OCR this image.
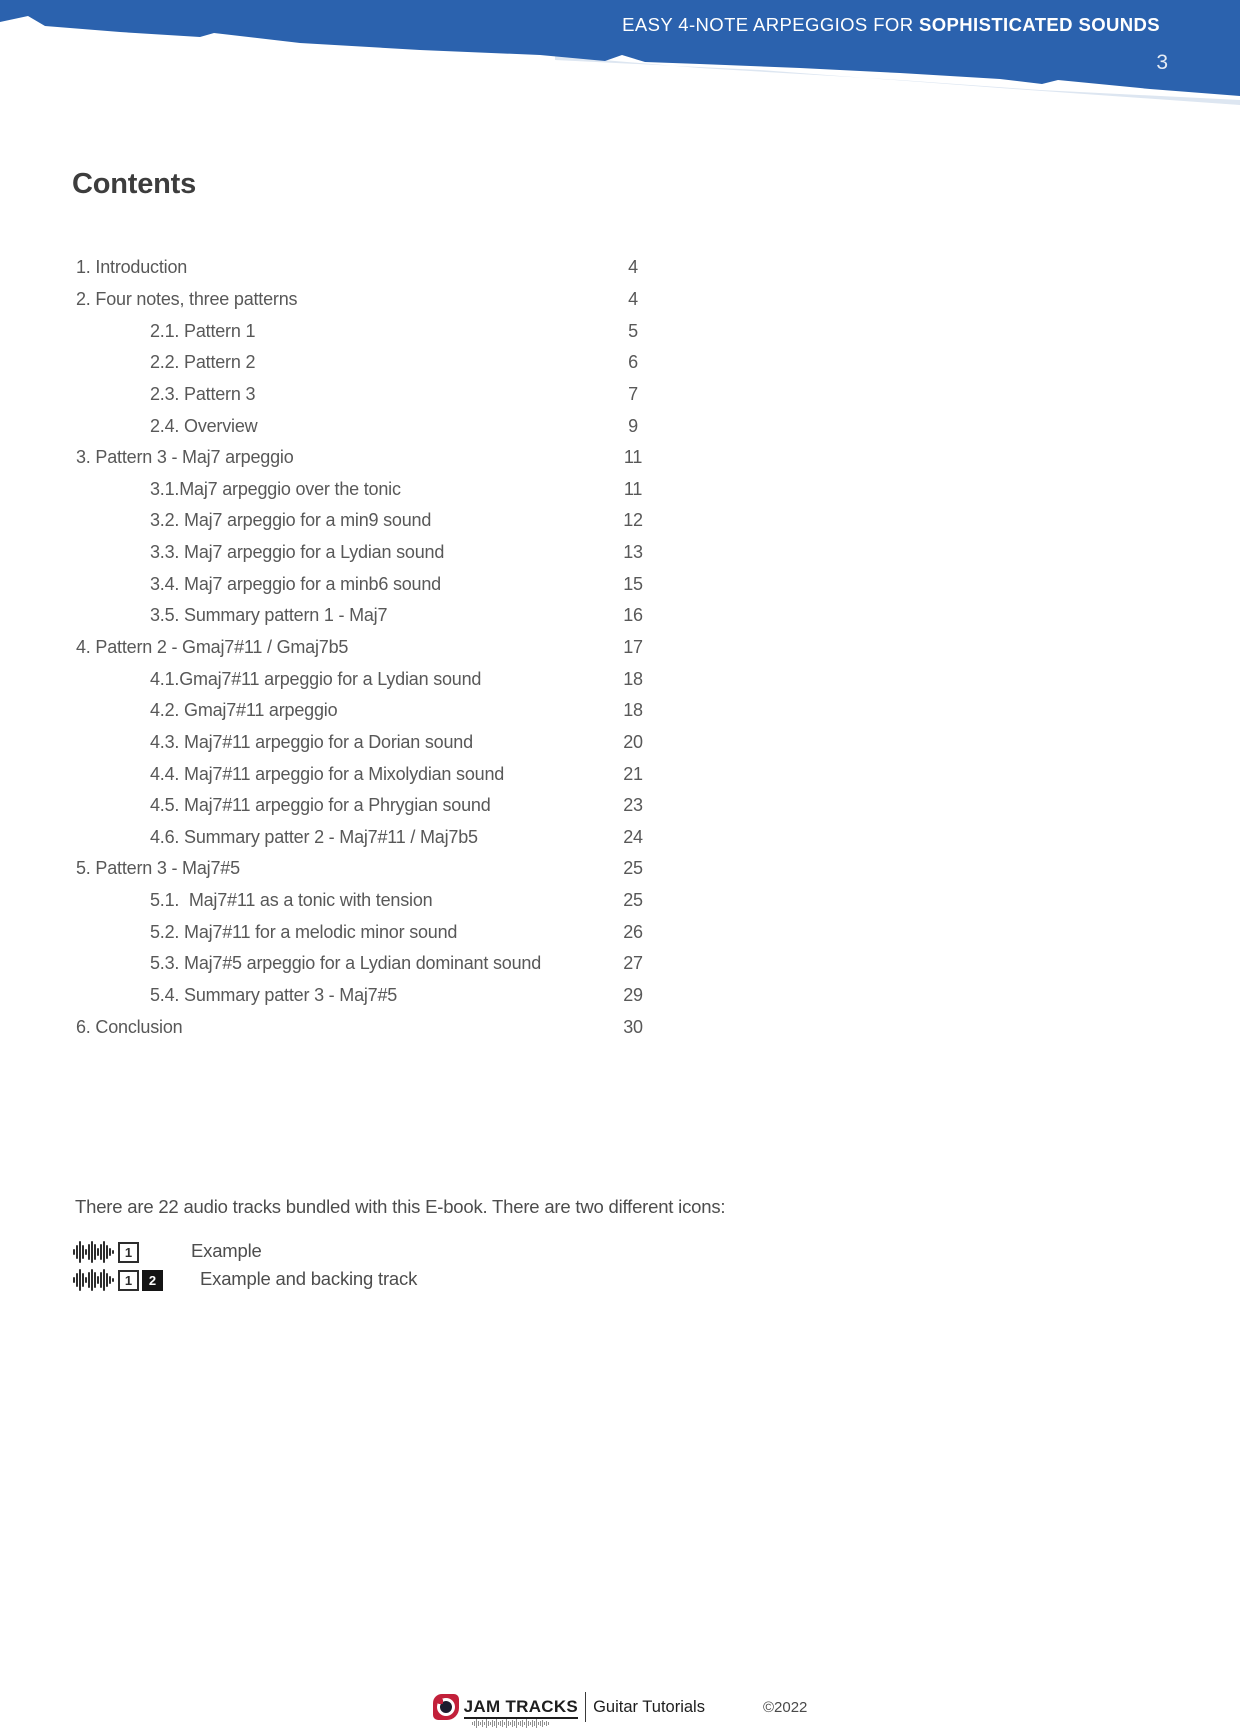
EASY 4-NOTE ARPEGGIOS FOR SOPHISTICATED SOUNDS
3
Contents
1. Introduction	4
2. Four notes, three patterns	4
2.1. Pattern 1	5
2.2. Pattern 2	6
2.3. Pattern 3	7
2.4. Overview	9
3. Pattern 3 - Maj7 arpeggio	11
3.1.Maj7 arpeggio over the tonic	11
3.2. Maj7 arpeggio for a min9 sound	12
3.3. Maj7 arpeggio for a Lydian sound	13
3.4. Maj7 arpeggio for a minb6 sound	15
3.5. Summary pattern 1 - Maj7	16
4. Pattern 2 - Gmaj7#11 / Gmaj7b5	17
4.1.Gmaj7#11 arpeggio for a Lydian sound	18
4.2. Gmaj7#11 arpeggio	18
4.3. Maj7#11 arpeggio for a Dorian sound	20
4.4. Maj7#11 arpeggio for a Mixolydian sound	21
4.5. Maj7#11 arpeggio for a Phrygian sound	23
4.6. Summary patter 2 - Maj7#11 / Maj7b5	24
5. Pattern 3 - Maj7#5	25
5.1.  Maj7#11 as a tonic with tension	25
5.2. Maj7#11 for a melodic minor sound	26
5.3. Maj7#5 arpeggio for a Lydian dominant sound	27
5.4. Summary patter 3 - Maj7#5	29
6. Conclusion	30
There are 22 audio tracks bundled with this E-book. There are two different icons:
1	Example
1	2	Example and backing track
JAM TRACKS Guitar Tutorials	©2022
